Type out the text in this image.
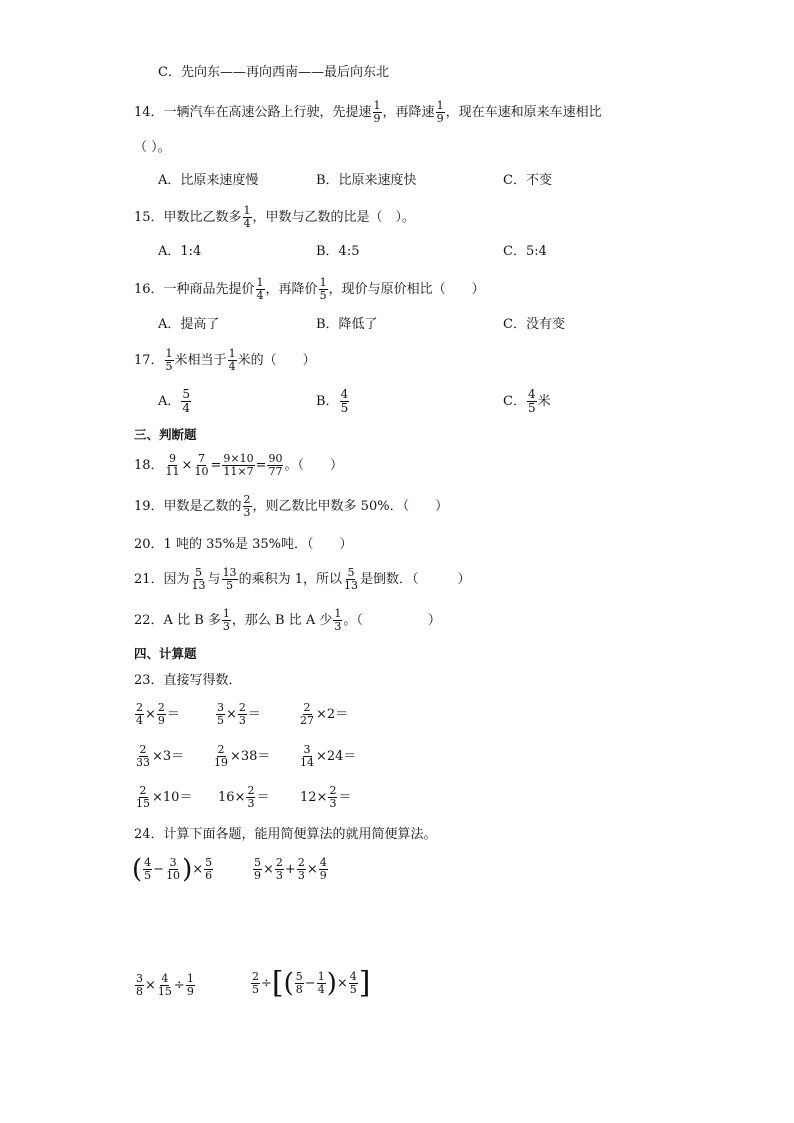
C．先向东——再向西南——最后向东北
14．一辆汽车在高速公路上行驶，先提速 $\frac{1}{9}$ ，再降速 $\frac{1}{9}$ ，现在车速和原来车速相比
（ ）。
A．比原来速度慢	B．比原来速度快	C．不变
15．甲数比乙数多 $\frac{1}{4}$ ，甲数与乙数的比是（　）。
A．1:4	B．4:5	C．5:4
16．一种商品先提价 $\frac{1}{4}$ ，再降价 $\frac{1}{5}$ ，现价与原价相比（　　）
A．提高了	B．降低了	C．没有变
17． $\frac{1}{5}$ 米相当于 $\frac{1}{4}$ 米的（　　）
A． $\frac{5}{4}$	B． $\frac{4}{5}$	C． $\frac{4}{5}$ 米
三、判断题
18． $\frac{9}{11} \times \frac{7}{10} = \frac{9\times 10}{11\times 7} = \frac{90}{77}$ 。（　　）
19．甲数是乙数的 $\frac{2}{3}$ ，则乙数比甲数多 50%．（　　）
20．1 吨的 35%是 35%吨．（　　）
21．因为 $\frac{5}{13}$ 与 $\frac{13}{5}$ 的乘积为 1，所以 $\frac{5}{13}$ 是倒数．（　　　）
22．A 比 B 多 $\frac{1}{3}$ ，那么 B 比 A 少 $\frac{1}{3}$ 。（　　　　　）
四、计算题
23．直接写得数．
$\frac{2}{4} \times \frac{2}{9}$ ＝	$\frac{3}{5} \times \frac{2}{3}$ ＝	$\frac{2}{27} \times 2=$
$\frac{2}{33} \times 3=$	$\frac{2}{19} \times 38=$	$\frac{3}{14} \times 24=$
$\frac{2}{15} \times 10= 16\times \frac{2}{3} = 12\times \frac{2}{3}$ ＝
24．计算下面各题，能用简便算法的就用简便算法。
( $\frac{4}{5} - \frac{3}{10}$ )× $\frac{5}{6}$	$\frac{5}{9} \times \frac{2}{3} + \frac{2}{3} \times \frac{4}{9}$
$\frac{3}{8} \times \frac{4}{15} \div \frac{1}{9}$	$\frac{2}{5}$ ÷[( $\frac{5}{8} - \frac{1}{4}$ )× $\frac{4}{5}$ ]
